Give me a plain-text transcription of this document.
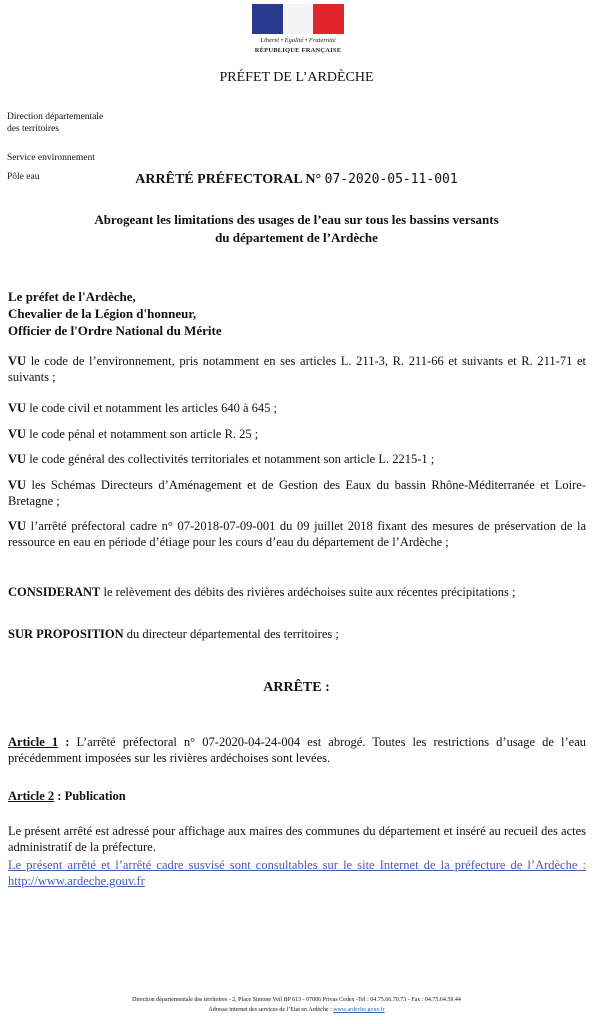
Liberté • Égalité • Fraternité
RÉPUBLIQUE FRANÇAISE
PRÉFET DE L’ARDÈCHE
Direction départementale
des territoires
Service environnement
Pôle eau	ARRÊTÉ PRÉFECTORAL N° 07-2020-05-11-001
Abrogeant les limitations des usages de l’eau sur tous les bassins versants
du département de l’Ardèche
Le préfet de l'Ardèche,
Chevalier de la Légion d'honneur,
Officier de l'Ordre National du Mérite
VU le code de l’environnement, pris notamment en ses articles L. 211-3, R. 211-66 et suivants et R. 211-71 et suivants ;
VU le code civil et notamment les articles 640 à 645 ;
VU le code pénal et notamment son article R. 25 ;
VU le code général des collectivités territoriales et notamment son article L. 2215-1 ;
VU les Schémas Directeurs d’Aménagement et de Gestion des Eaux du bassin Rhône-Méditerranée et Loire-Bretagne ;
VU l’arrêté préfectoral cadre n° 07-2018-07-09-001 du 09 juillet 2018 fixant des mesures de préservation de la ressource en eau en période d’étiage pour les cours d’eau du département de l’Ardèche ;
CONSIDERANT le relèvement des débits des rivières ardéchoises suite aux récentes précipitations ;
SUR PROPOSITION du directeur départemental des territoires ;
ARRÊTE :
Article 1 : L’arrêté préfectoral n° 07-2020-04-24-004 est abrogé. Toutes les restrictions d’usage de l’eau précédemment imposées sur les rivières ardéchoises sont levées.
Article 2 : Publication
Le présent arrêté est adressé pour affichage aux maires des communes du département et inséré au recueil des actes administratif de la préfecture.
Le présent arrêté et l’arrêté cadre susvisé sont consultables sur le site Internet de la préfecture de l’Ardèche : http://www.ardeche.gouv.fr
Direction départementale des territoires - 2, Place Simone Veil BP 613 - 07006 Privas Cedex -Tel : 04.75.66.70.73 - Fax : 04.75.64.59.44
Adresse internet des services de l’Etat en Ardèche : www.ardeche.gouv.fr
